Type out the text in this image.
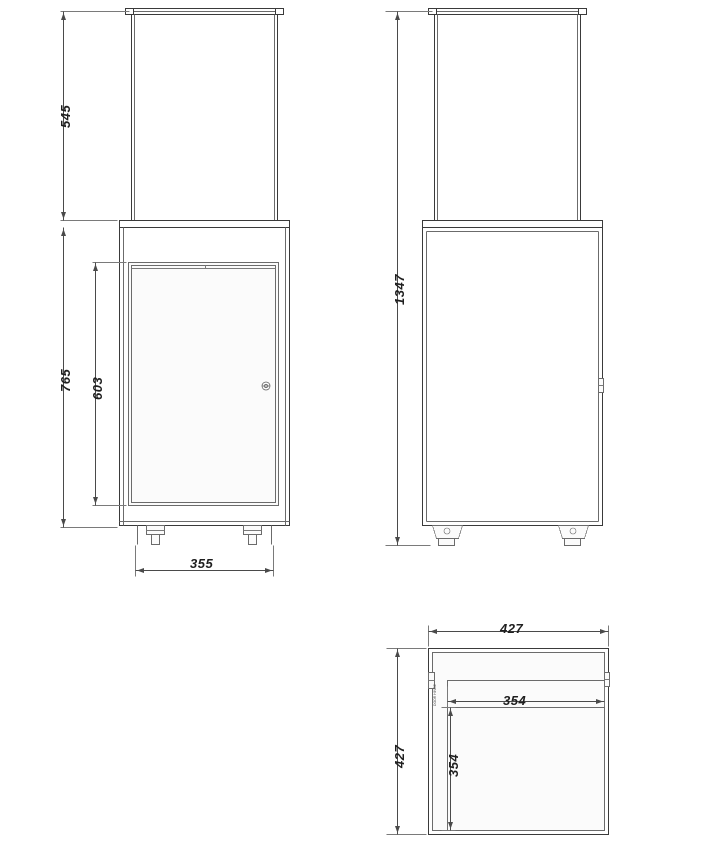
545
765 603
355
1347
427
427
354
354
DOOR HINGE
